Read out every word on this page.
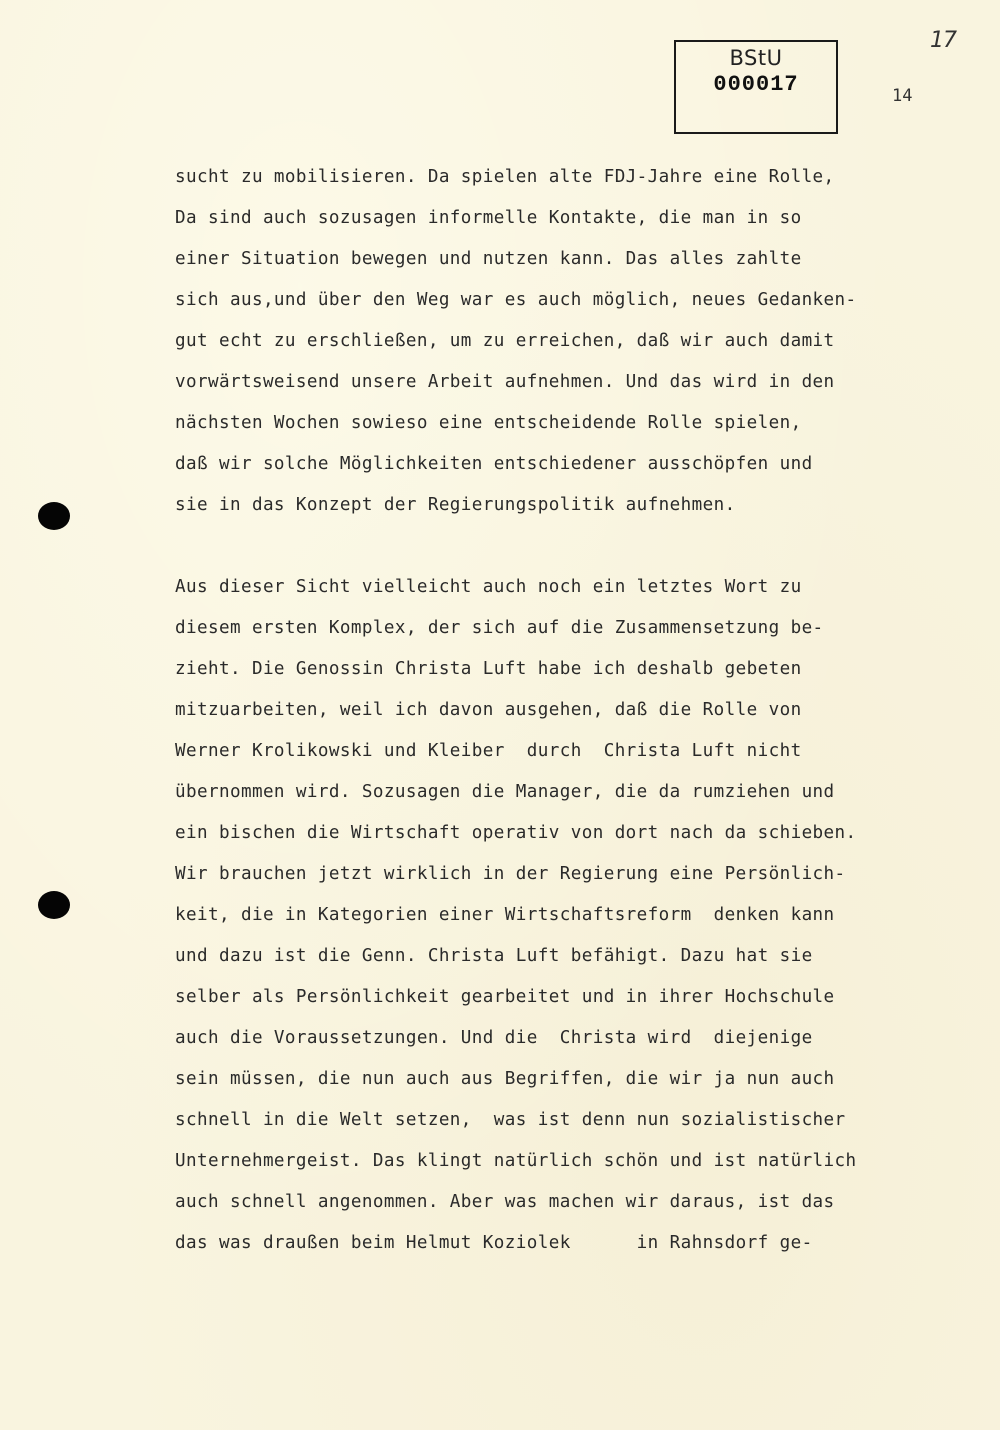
BStU
000017
17
14
sucht zu mobilisieren. Da spielen alte FDJ-Jahre eine Rolle,
Da sind auch sozusagen informelle Kontakte, die man in so
einer Situation bewegen und nutzen kann. Das alles zahlte
sich aus,und über den Weg war es auch möglich, neues Gedanken-
gut echt zu erschließen, um zu erreichen, daß wir auch damit
vorwärtsweisend unsere Arbeit aufnehmen. Und das wird in den
nächsten Wochen sowieso eine entscheidende Rolle spielen,
daß wir solche Möglichkeiten entschiedener ausschöpfen und
sie in das Konzept der Regierungspolitik aufnehmen.
Aus dieser Sicht vielleicht auch noch ein letztes Wort zu
diesem ersten Komplex, der sich auf die Zusammensetzung be-
zieht. Die Genossin Christa Luft habe ich deshalb gebeten
mitzuarbeiten, weil ich davon ausgehen, daß die Rolle von
Werner Krolikowski und Kleiber  durch  Christa Luft nicht
übernommen wird. Sozusagen die Manager, die da rumziehen und
ein bischen die Wirtschaft operativ von dort nach da schieben.
Wir brauchen jetzt wirklich in der Regierung eine Persönlich-
keit, die in Kategorien einer Wirtschaftsreform  denken kann
und dazu ist die Genn. Christa Luft befähigt. Dazu hat sie
selber als Persönlichkeit gearbeitet und in ihrer Hochschule
auch die Voraussetzungen. Und die  Christa wird  diejenige
sein müssen, die nun auch aus Begriffen, die wir ja nun auch
schnell in die Welt setzen,  was ist denn nun sozialistischer
Unternehmergeist. Das klingt natürlich schön und ist natürlich
auch schnell angenommen. Aber was machen wir daraus, ist das
das was draußen beim Helmut Koziolek      in Rahnsdorf ge-
